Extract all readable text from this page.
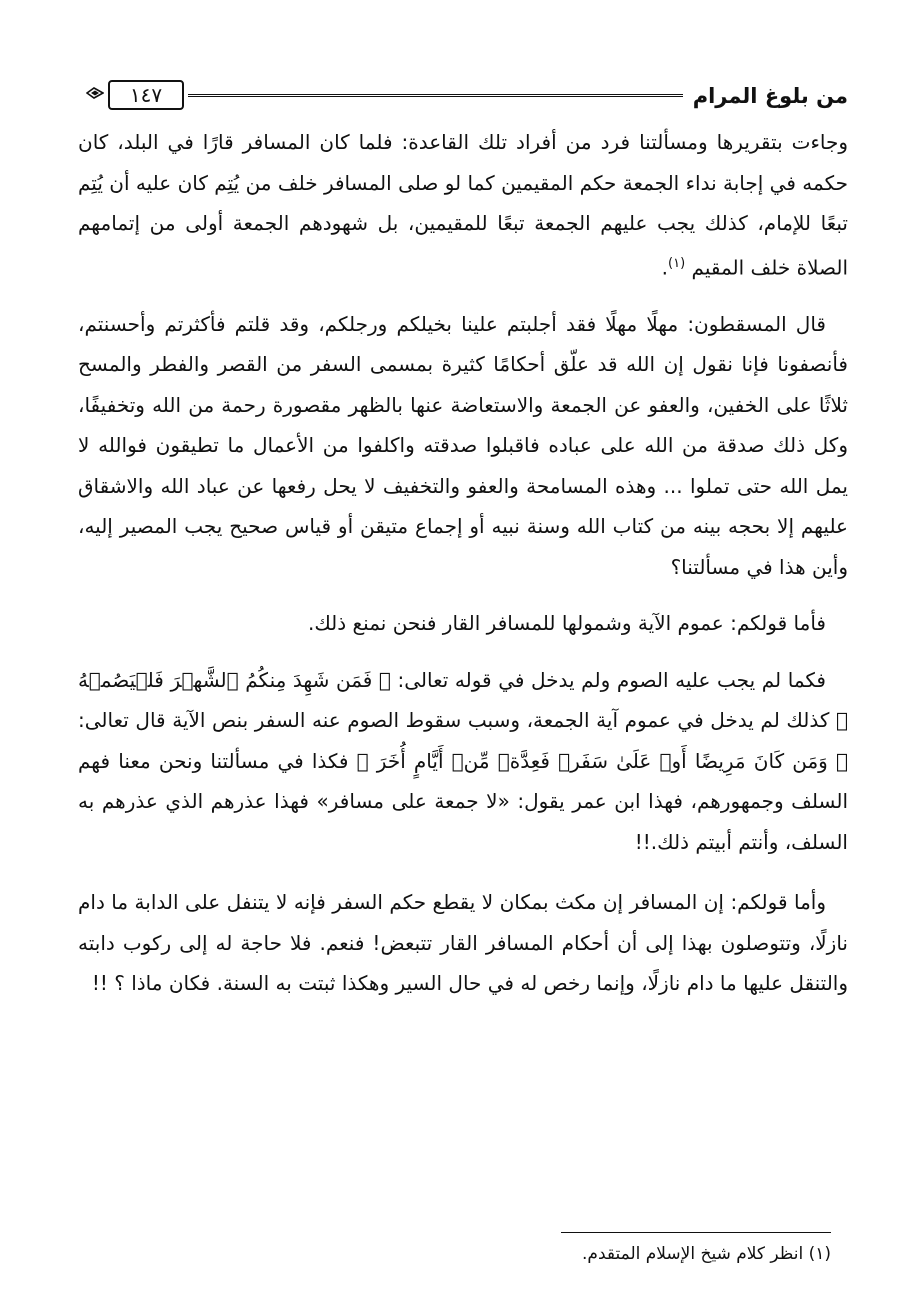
من بلوغ المرام
١٤٧

وجاءت بتقريرها ومسألتنا فرد من أفراد تلك القاعدة: فلما كان المسافر قارًا في البلد، كان حكمه في إجابة نداء الجمعة حكم المقيمين كما لو صلى المسافر خلف من يُتِم كان عليه أن يُتِم تبعًا للإمام، كذلك يجب عليهم الجمعة تبعًا للمقيمين، بل شهودهم الجمعة أولى من إتمامهم الصلاة خلف المقيم $^{(١)}$.

قال المسقطون: مهلًا مهلًا فقد أجلبتم علينا بخيلكم ورجلكم، وقد قلتم فأكثرتم وأحسنتم، فأنصفونا فإنا نقول إن الله قد علّق أحكامًا كثيرة بمسمى السفر من القصر والفطر والمسح ثلاثًا على الخفين، والعفو عن الجمعة والاستعاضة عنها بالظهر مقصورة رحمة من الله وتخفيفًا، وكل ذلك صدقة من الله على عباده فاقبلوا صدقته واكلفوا من الأعمال ما تطيقون فوالله لا يمل الله حتى تملوا ... وهذه المسامحة والعفو والتخفيف لا يحل رفعها عن عباد الله والاشقاق عليهم إلا بحجه بينه من كتاب الله وسنة نبيه أو إجماع متيقن أو قياس صحيح يجب المصير إليه، وأين هذا في مسألتنا؟

فأما قولكم: عموم الآية وشمولها للمسافر القار فنحن نمنع ذلك.

فكما لم يجب عليه الصوم ولم يدخل في قوله تعالى: ﴿ فَمَن شَهِدَ مِنكُمُ ٱلشَّهۡرَ فَلۡيَصُمۡهُ ﴾ كذلك لم يدخل في عموم آية الجمعة، وسبب سقوط الصوم عنه السفر بنص الآية قال تعالى: ﴿ وَمَن كَانَ مَرِيضًا أَوۡ عَلَىٰ سَفَرٖ فَعِدَّةٞ مِّنۡ أَيَّامٍ أُخَرَ ﴾ فكذا في مسألتنا ونحن معنا فهم السلف وجمهورهم، فهذا ابن عمر يقول: «لا جمعة على مسافر» فهذا عذرهم الذي عذرهم به السلف، وأنتم أبيتم ذلك.!!

وأما قولكم: إن المسافر إن مكث بمكان لا يقطع حكم السفر فإنه لا يتنفل على الدابة ما دام نازلًا، وتتوصلون بهذا إلى أن أحكام المسافر القار تتبعض! فنعم. فلا حاجة له إلى ركوب دابته والتنقل عليها ما دام نازلًا، وإنما رخص له في حال السير وهكذا ثبتت به السنة. فكان ماذا ؟ !!

(١) انظر كلام شيخ الإسلام المتقدم.
